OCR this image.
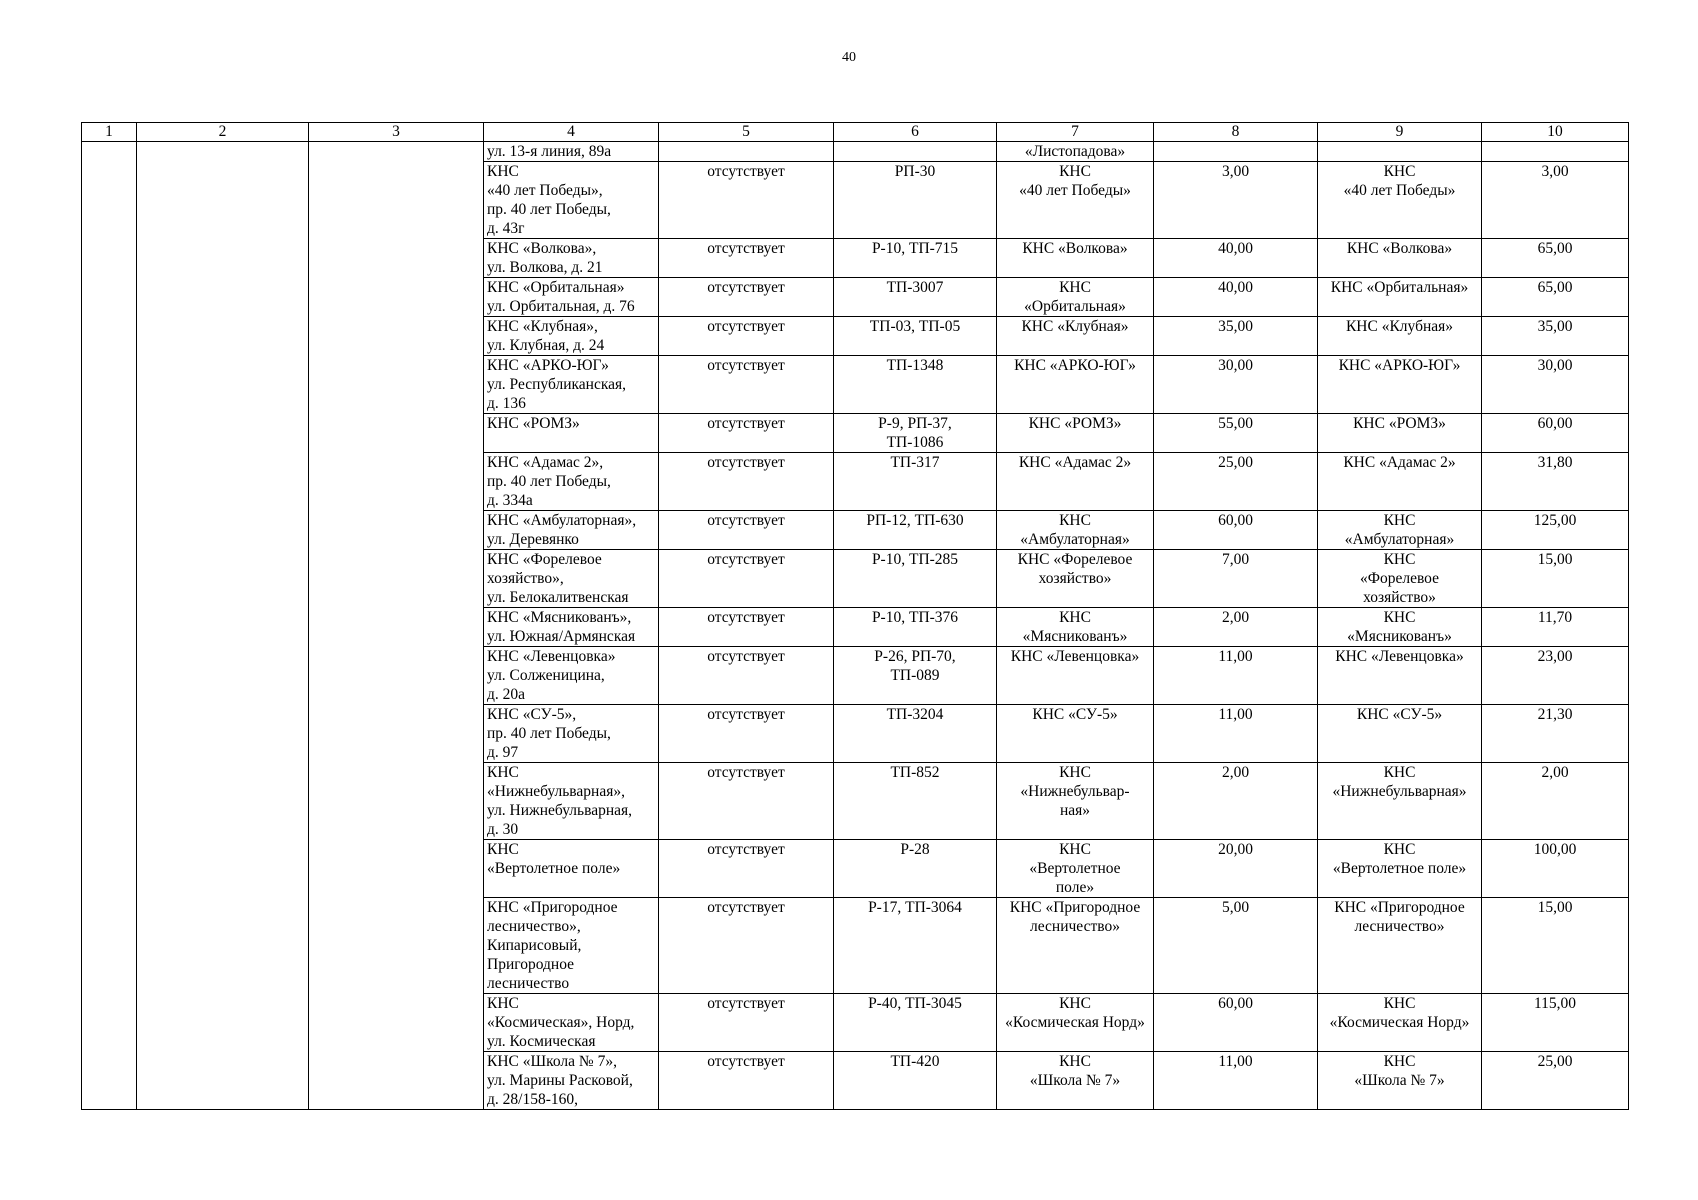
40
1	2	3	4	5	6	7	8	9	10
			ул. 13-я линия, 89а			«Листопадова»			
			КНС
«40 лет Победы»,
пр. 40 лет Победы,
д. 43г	отсутствует	РП-30	КНС
«40 лет Победы»	3,00	КНС
«40 лет Победы»	3,00
			КНС «Волкова»,
ул. Волкова, д. 21	отсутствует	Р-10, ТП-715	КНС «Волкова»	40,00	КНС «Волкова»	65,00
			КНС «Орбитальная»
ул. Орбитальная, д. 76	отсутствует	ТП-3007	КНС
«Орбитальная»	40,00	КНС «Орбитальная»	65,00
			КНС «Клубная»,
ул. Клубная, д. 24	отсутствует	ТП-03, ТП-05	КНС «Клубная»	35,00	КНС «Клубная»	35,00
			КНС «АРКО-ЮГ»
ул. Республиканская,
д. 136	отсутствует	ТП-1348	КНС «АРКО-ЮГ»	30,00	КНС «АРКО-ЮГ»	30,00
			КНС «РОМЗ»	отсутствует	Р-9, РП-37,
ТП-1086	КНС «РОМЗ»	55,00	КНС «РОМЗ»	60,00
			КНС «Адамас 2»,
пр. 40 лет Победы,
д. 334а	отсутствует	ТП-317	КНС «Адамас 2»	25,00	КНС «Адамас 2»	31,80
			КНС «Амбулаторная»,
ул. Деревянко	отсутствует	РП-12, ТП-630	КНС
«Амбулаторная»	60,00	КНС
«Амбулаторная»	125,00
			КНС «Форелевое
хозяйство»,
ул. Белокалитвенская	отсутствует	Р-10, ТП-285	КНС «Форелевое
хозяйство»	7,00	КНС
«Форелевое
хозяйство»	15,00
			КНС «Мясникованъ»,
ул. Южная/Армянская	отсутствует	Р-10, ТП-376	КНС
«Мясникованъ»	2,00	КНС
«Мясникованъ»	11,70
			КНС «Левенцовка»
ул. Солженицина,
д. 20а	отсутствует	Р-26, РП-70,
ТП-089	КНС «Левенцовка»	11,00	КНС «Левенцовка»	23,00
			КНС «СУ-5»,
пр. 40 лет Победы,
д. 97	отсутствует	ТП-3204	КНС «СУ-5»	11,00	КНС «СУ-5»	21,30
			КНС
«Нижнебульварная»,
ул. Нижнебульварная,
д. 30	отсутствует	ТП-852	КНС
«Нижнебульвар-
ная»	2,00	КНС
«Нижнебульварная»	2,00
			КНС
«Вертолетное поле»	отсутствует	Р-28	КНС
«Вертолетное
поле»	20,00	КНС
«Вертолетное поле»	100,00
			КНС «Пригородное
лесничество»,
Кипарисовый,
Пригородное
лесничество	отсутствует	Р-17, ТП-3064	КНС «Пригородное
лесничество»	5,00	КНС «Пригородное
лесничество»	15,00
			КНС
«Космическая», Норд,
ул. Космическая	отсутствует	Р-40, ТП-3045	КНС
«Космическая Норд»	60,00	КНС
«Космическая Норд»	115,00
			КНС «Школа № 7»,
ул. Марины Расковой,
д. 28/158-160,	отсутствует	ТП-420	КНС
«Школа № 7»	11,00	КНС
«Школа № 7»	25,00
